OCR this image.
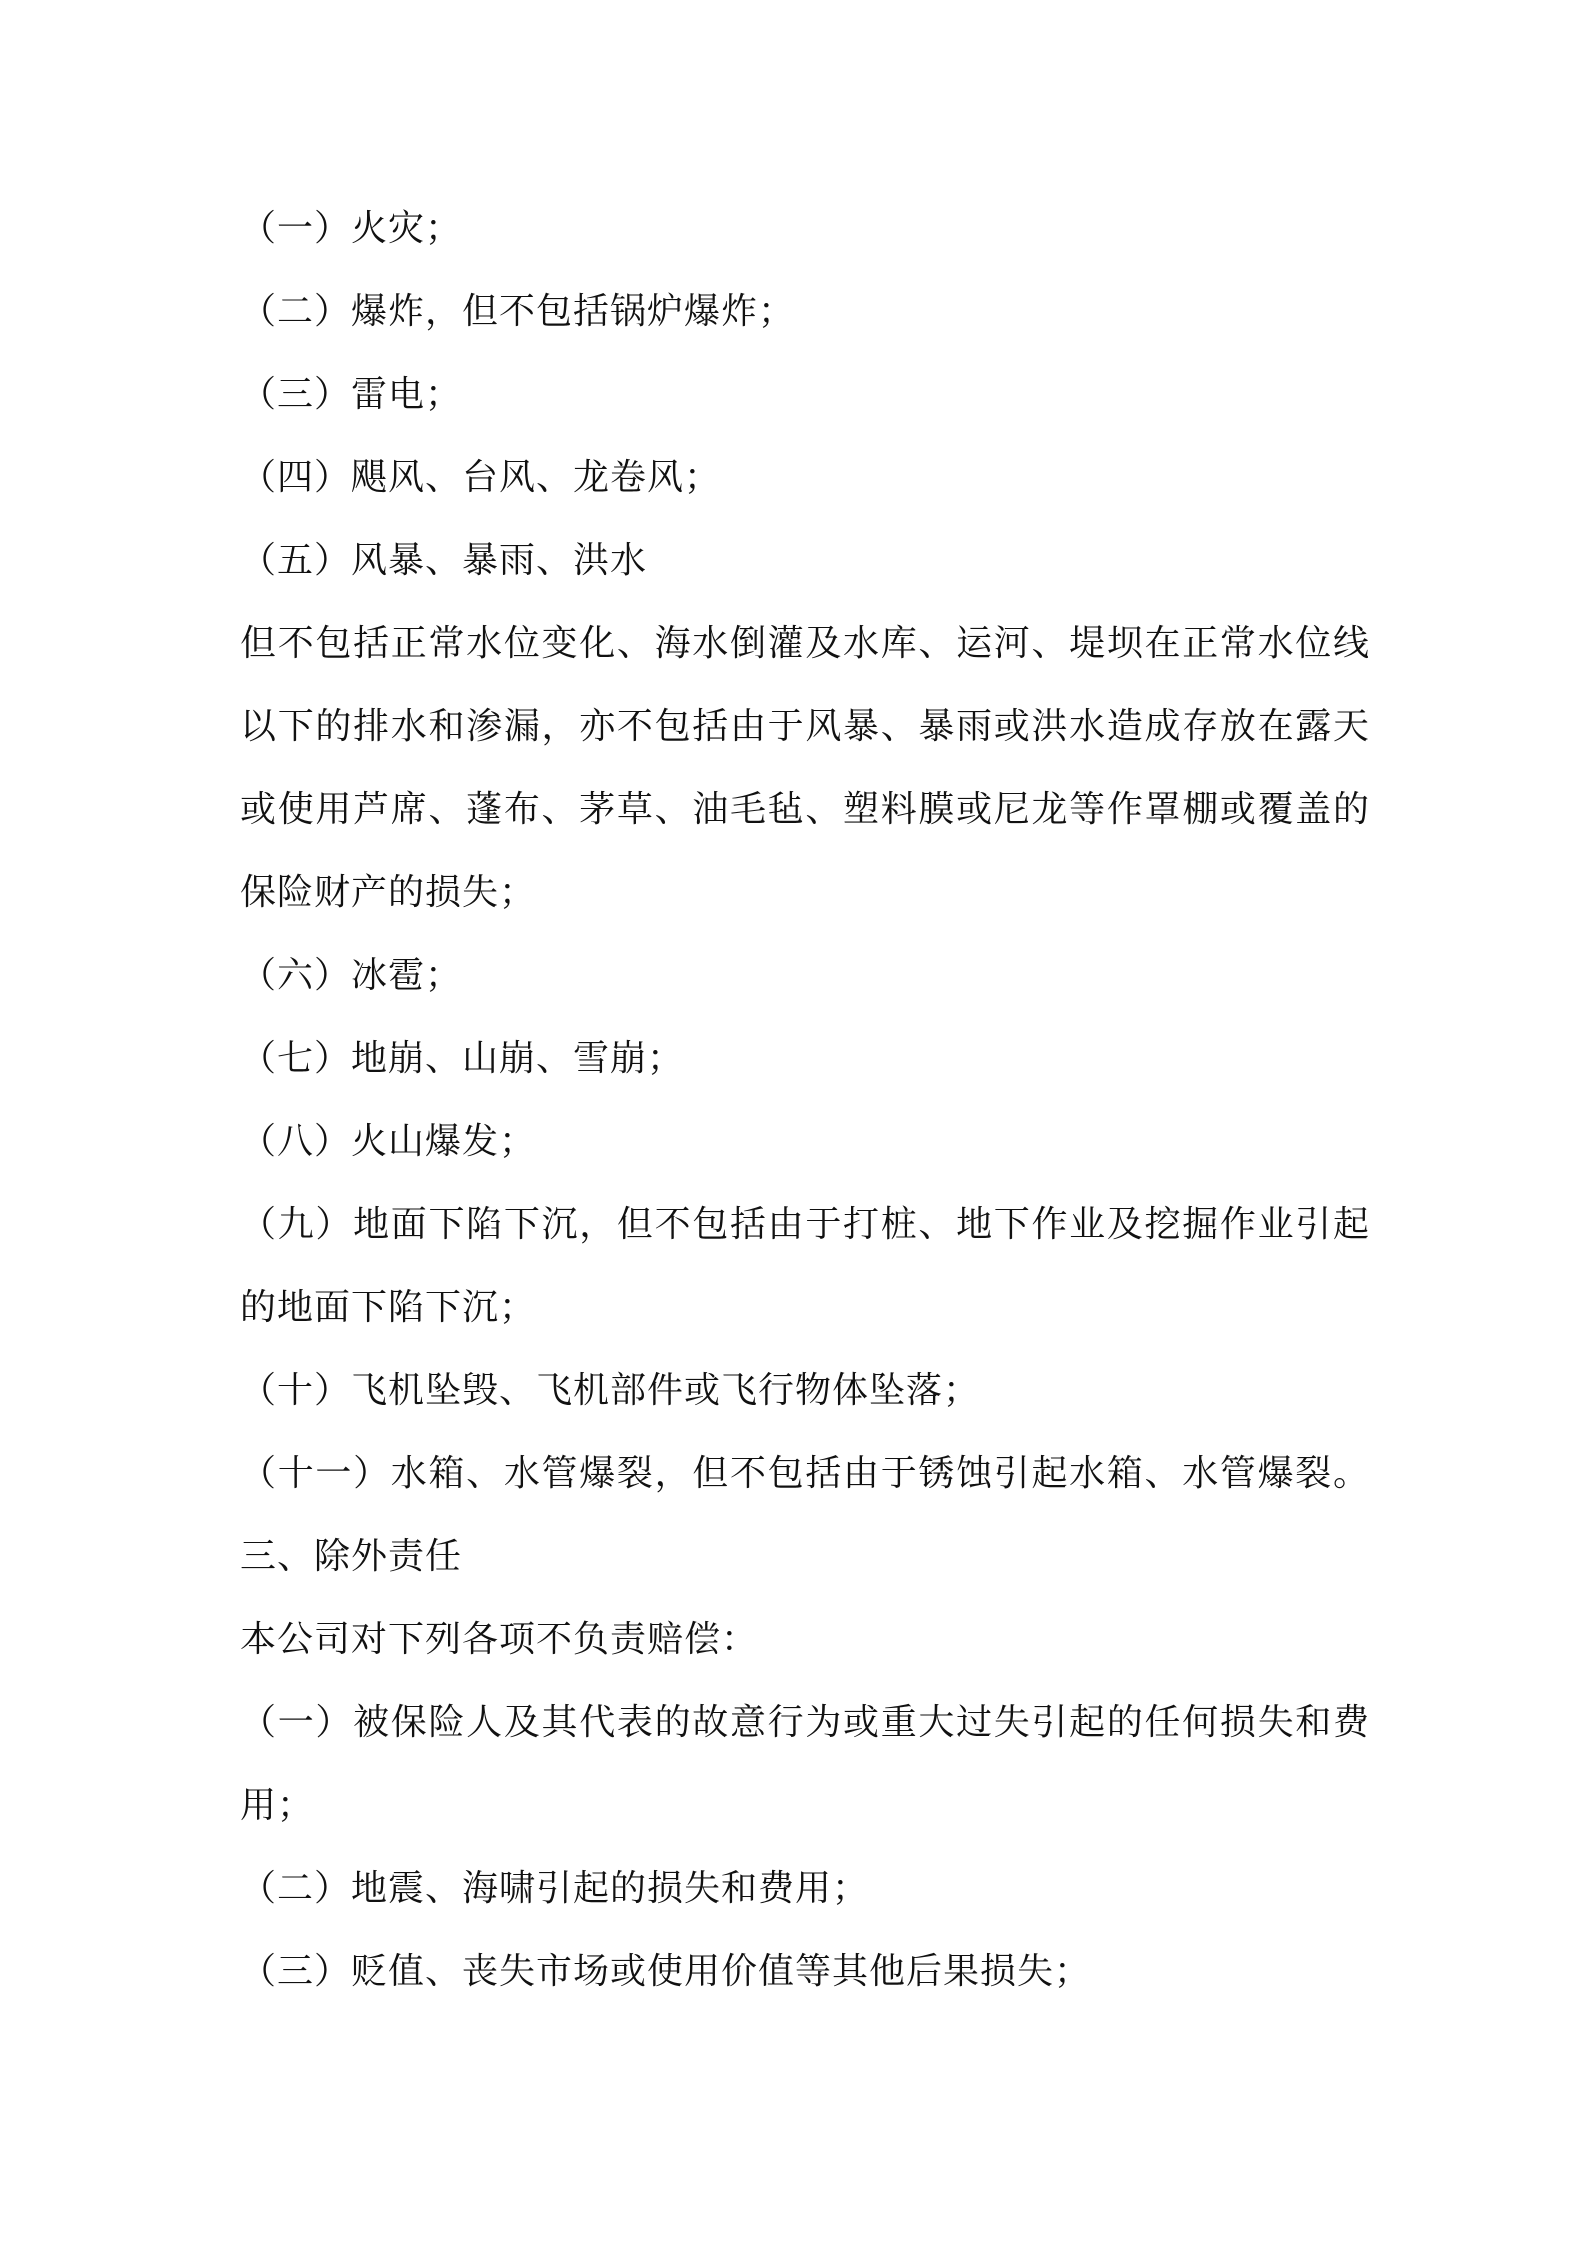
（一）火灾；
（二）爆炸，但不包括锅炉爆炸；
（三）雷电；
（四）飓风、台风、龙卷风；
（五）风暴、暴雨、洪水
但不包括正常水位变化、海水倒灌及水库、运河、堤坝在正常水位线
以下的排水和渗漏，亦不包括由于风暴、暴雨或洪水造成存放在露天
或使用芦席、蓬布、茅草、油毛毡、塑料膜或尼龙等作罩棚或覆盖的
保险财产的损失；
（六）冰雹；
（七）地崩、山崩、雪崩；
（八）火山爆发；
（九）地面下陷下沉，但不包括由于打桩、地下作业及挖掘作业引起
的地面下陷下沉；
（十）飞机坠毁、飞机部件或飞行物体坠落；
（十一）水箱、水管爆裂，但不包括由于锈蚀引起水箱、水管爆裂。
三、除外责任
本公司对下列各项不负责赔偿：
（一）被保险人及其代表的故意行为或重大过失引起的任何损失和费
用；
（二）地震、海啸引起的损失和费用；
（三）贬值、丧失市场或使用价值等其他后果损失；
